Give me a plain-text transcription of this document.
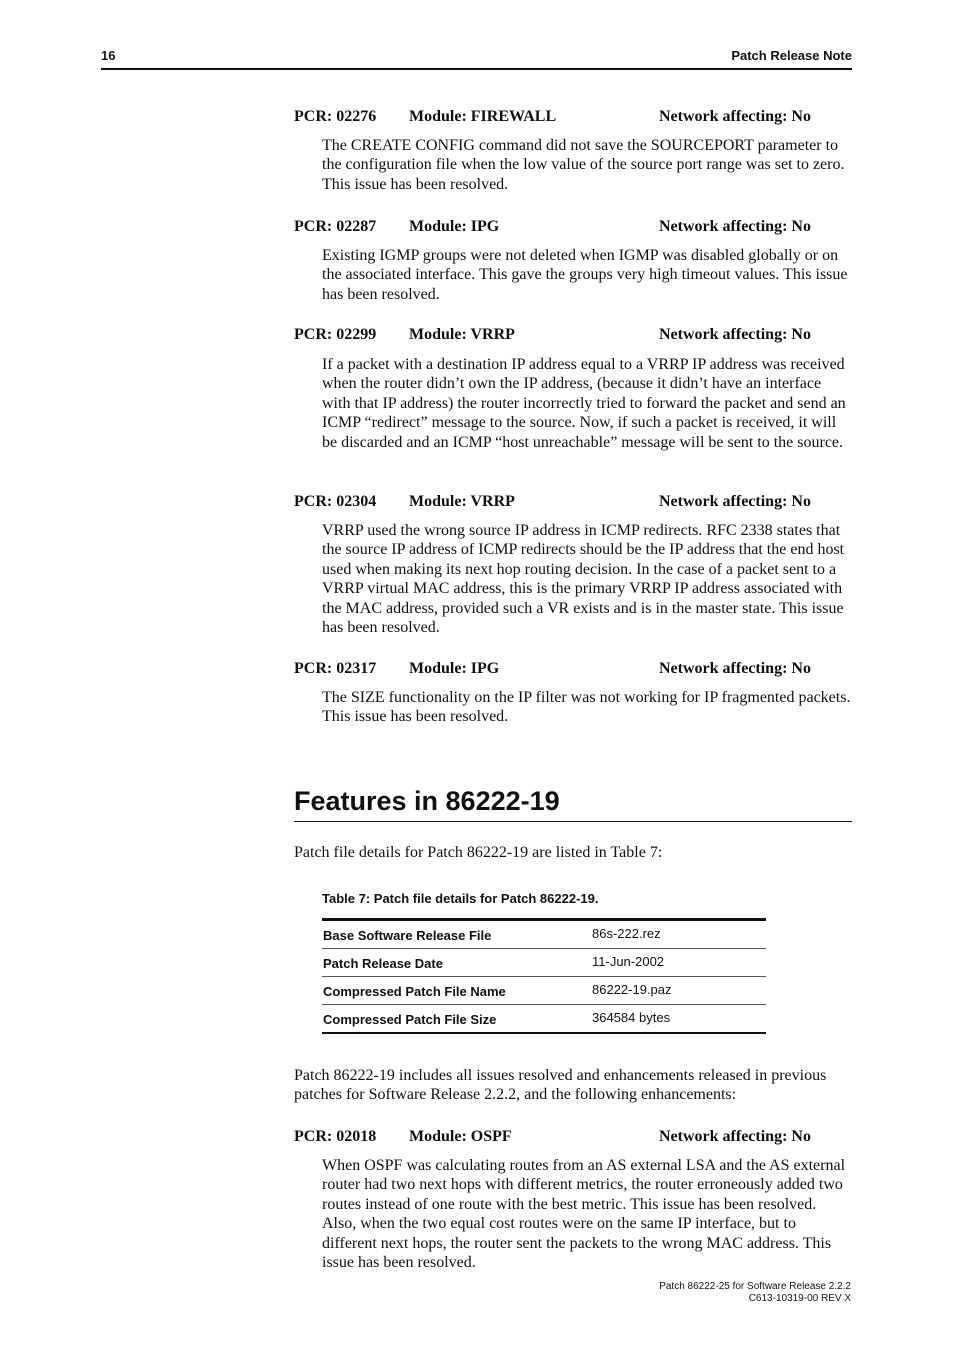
16	Patch Release Note
PCR: 02276 Module: FIREWALL	Network affecting: No

The CREATE CONFIG command did not save the SOURCEPORT parameter to the configuration file when the low value of the source port range was set to zero. This issue has been resolved.

PCR: 02287 Module: IPG	Network affecting: No

Existing IGMP groups were not deleted when IGMP was disabled globally or on the associated interface. This gave the groups very high timeout values. This issue has been resolved.

PCR: 02299 Module: VRRP	Network affecting: No

If a packet with a destination IP address equal to a VRRP IP address was received when the router didn’t own the IP address, (because it didn’t have an interface with that IP address) the router incorrectly tried to forward the packet and send an ICMP “redirect” message to the source. Now, if such a packet is received, it will be discarded and an ICMP “host unreachable” message will be sent to the source.

PCR: 02304 Module: VRRP	Network affecting: No

VRRP used the wrong source IP address in ICMP redirects. RFC 2338 states that the source IP address of ICMP redirects should be the IP address that the end host used when making its next hop routing decision. In the case of a packet sent to a VRRP virtual MAC address, this is the primary VRRP IP address associated with the MAC address, provided such a VR exists and is in the master state. This issue has been resolved.

PCR: 02317 Module: IPG	Network affecting: No

The SIZE functionality on the IP filter was not working for IP fragmented packets. This issue has been resolved.

Features in 86222-19

Patch file details for Patch 86222-19 are listed in Table 7:

Table 7: Patch file details for Patch 86222-19.
Base Software Release File	86s-222.rez
Patch Release Date	11-Jun-2002
Compressed Patch File Name	86222-19.paz
Compressed Patch File Size	364584 bytes

Patch 86222-19 includes all issues resolved and enhancements released in previous patches for Software Release 2.2.2, and the following enhancements:

PCR: 02018 Module: OSPF	Network affecting: No

When OSPF was calculating routes from an AS external LSA and the AS external router had two next hops with different metrics, the router erroneously added two routes instead of one route with the best metric. This issue has been resolved. Also, when the two equal cost routes were on the same IP interface, but to different next hops, the router sent the packets to the wrong MAC address. This issue has been resolved.

Patch 86222-25 for Software Release 2.2.2
C613-10319-00 REV X
